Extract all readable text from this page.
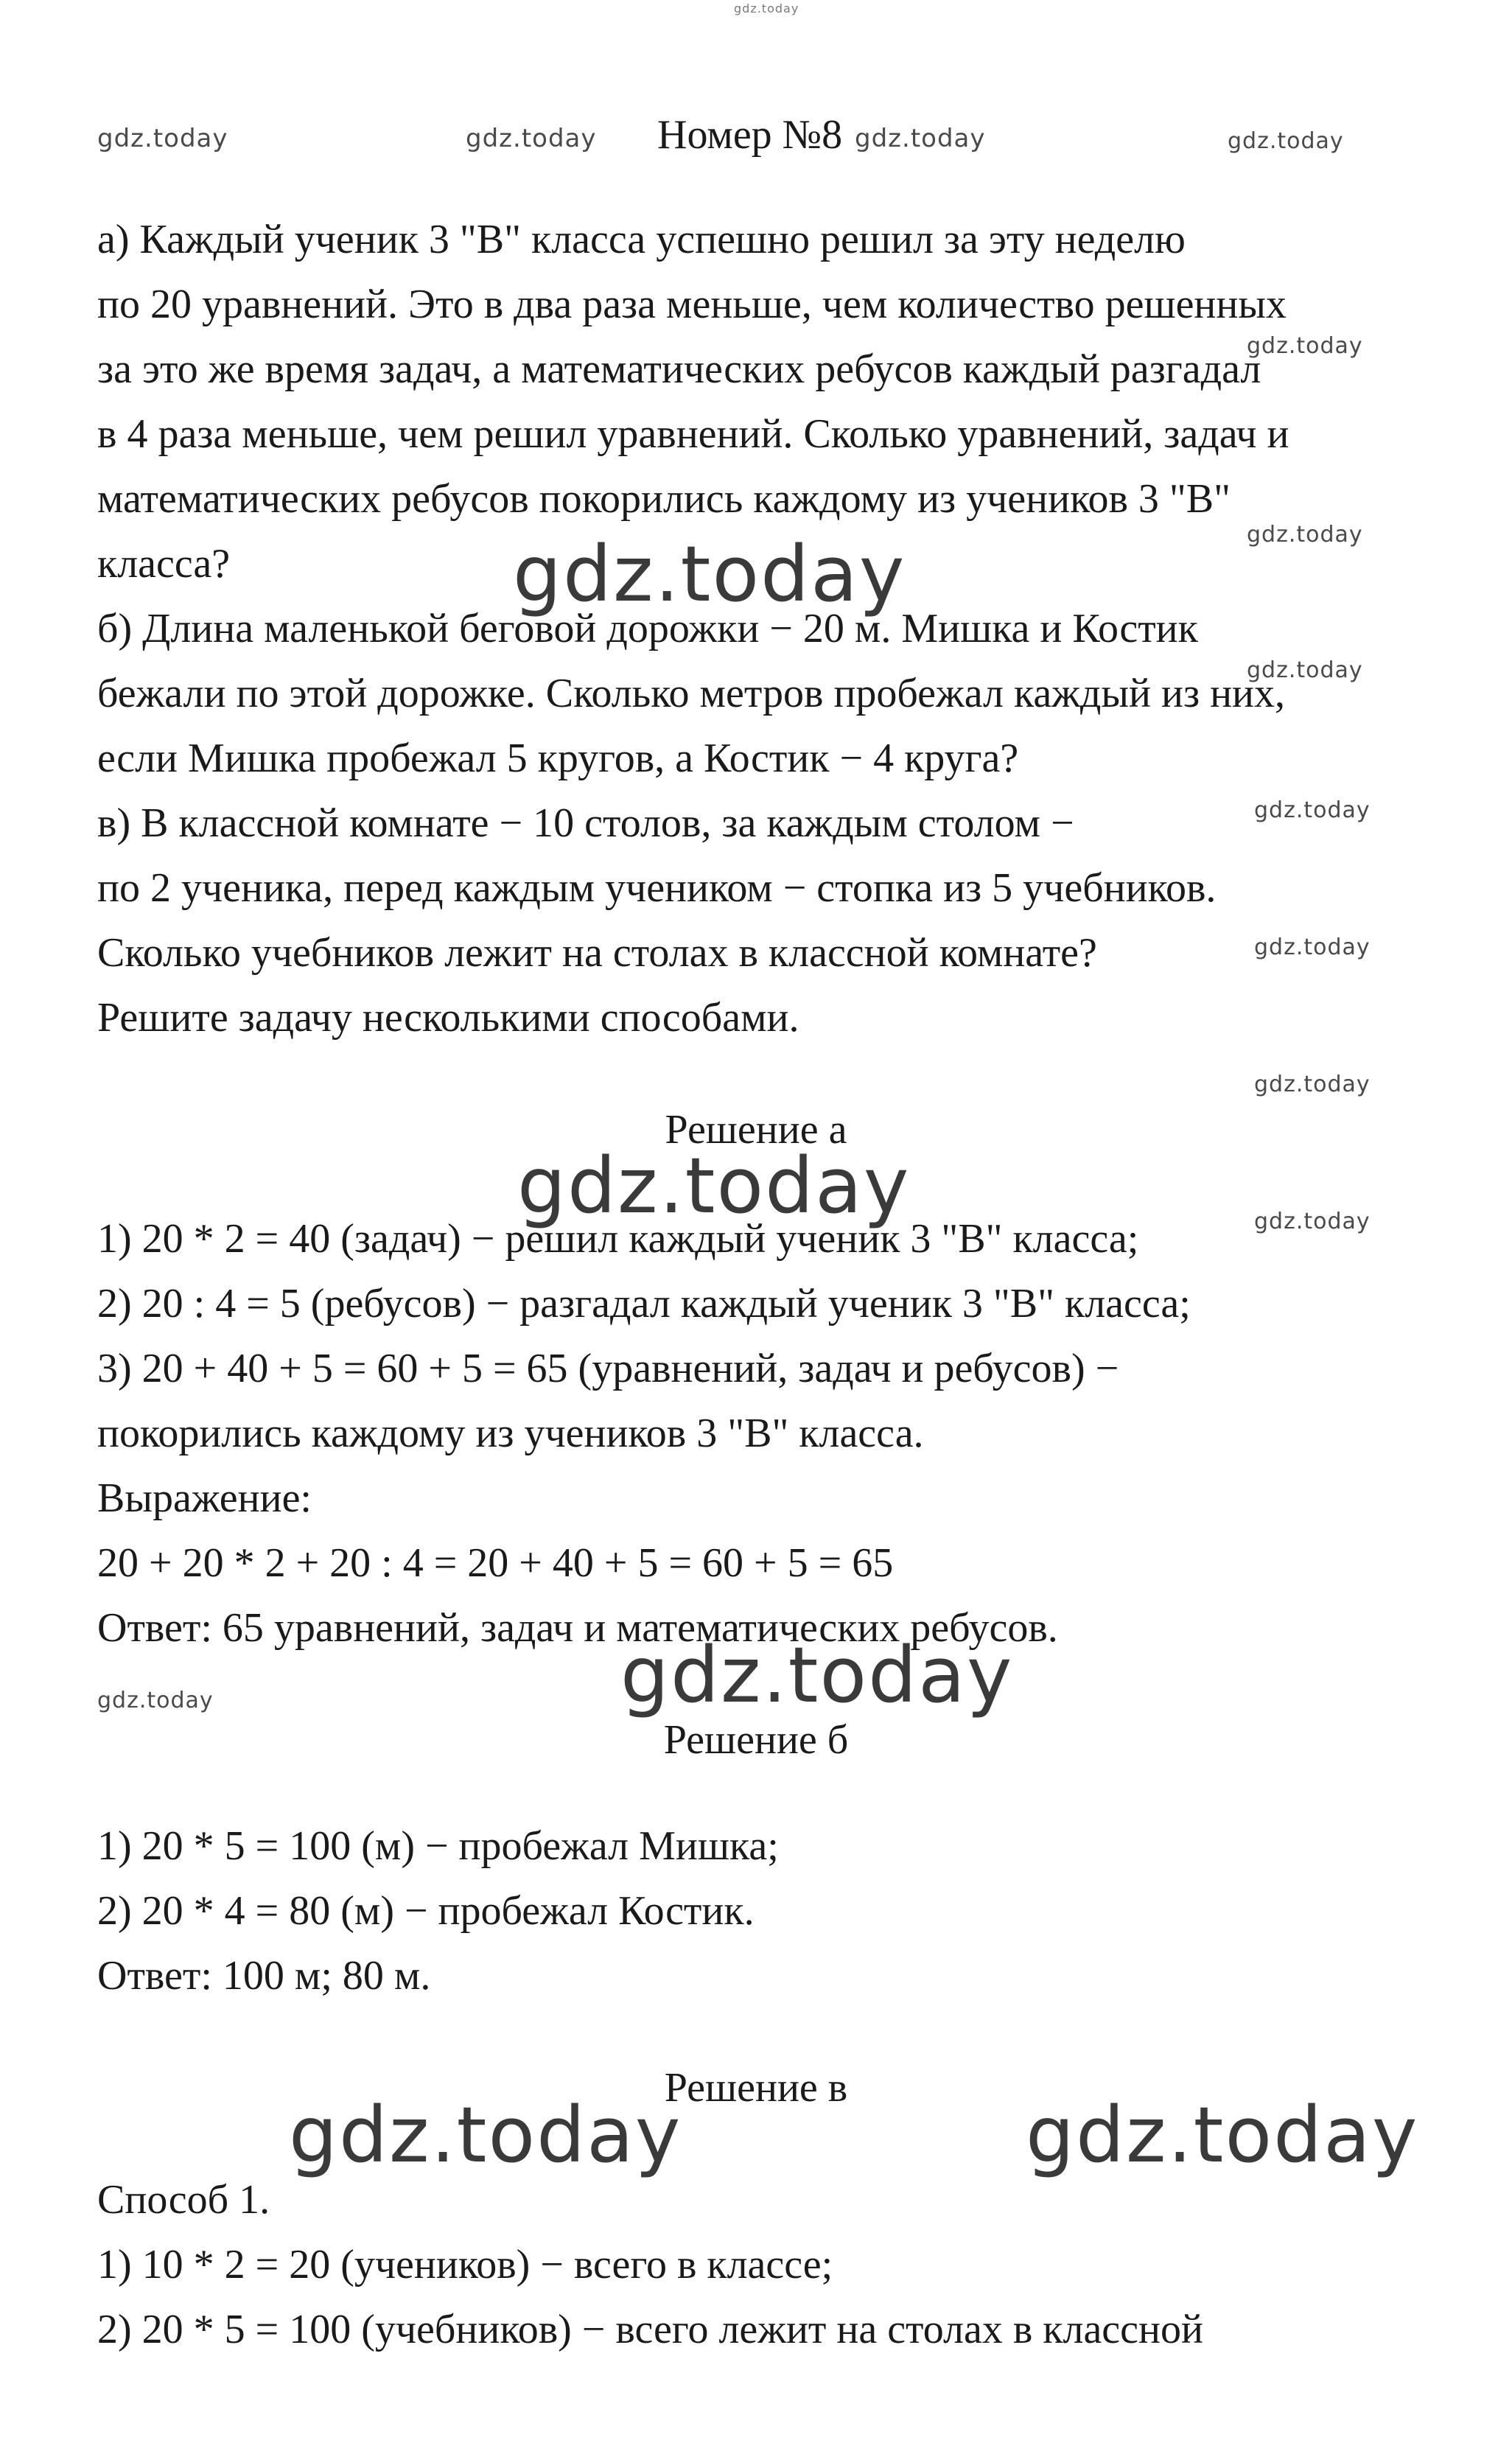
gdz.today
gdz.today	gdz.today Номер №8 gdz.today	gdz.today
а) Каждый ученик 3 "В" класса успешно решил за эту неделю
по 20 уравнений. Это в два раза меньше, чем количество решенных
gdz.today
за это же время задач, а математических ребусов каждый разгадал
в 4 раза меньше, чем решил уравнений. Сколько уравнений, задач и
математических ребусов покорились каждому из учеников 3 "В"
gdz.today
класса?	gdz.today
б) Длина маленькой беговой дорожки − 20 м. Мишка и Костик
gdz.today
бежали по этой дорожке. Сколько метров пробежал каждый из них,
если Мишка пробежал 5 кругов, а Костик − 4 круга?
в) В классной комнате − 10 столов, за каждым столом −	gdz.today
по 2 ученика, перед каждым учеником − стопка из 5 учебников.
Сколько учебников лежит на столах в классной комнате?	gdz.today
Решите задачу несколькими способами.
gdz.today
Решение а
gdz.today	gdz.today
1) 20 * 2 = 40 (задач) − решил каждый ученик 3 "В" класса;
2) 20 : 4 = 5 (ребусов) − разгадал каждый ученик 3 "В" класса;
3) 20 + 40 + 5 = 60 + 5 = 65 (уравнений, задач и ребусов) −
покорились каждому из учеников 3 "В" класса.
Выражение:
20 + 20 * 2 + 20 : 4 = 20 + 40 + 5 = 60 + 5 = 65
Ответ: 65 уравнений, задач и математических ребусов.
gdz.today
gdz.today
Решение б
1) 20 * 5 = 100 (м) − пробежал Мишка;
2) 20 * 4 = 80 (м) − пробежал Костик.
Ответ: 100 м; 80 м.
Решение в
gdz.today	gdz.today
Способ 1.
1) 10 * 2 = 20 (учеников) − всего в классе;
2) 20 * 5 = 100 (учебников) − всего лежит на столах в классной
